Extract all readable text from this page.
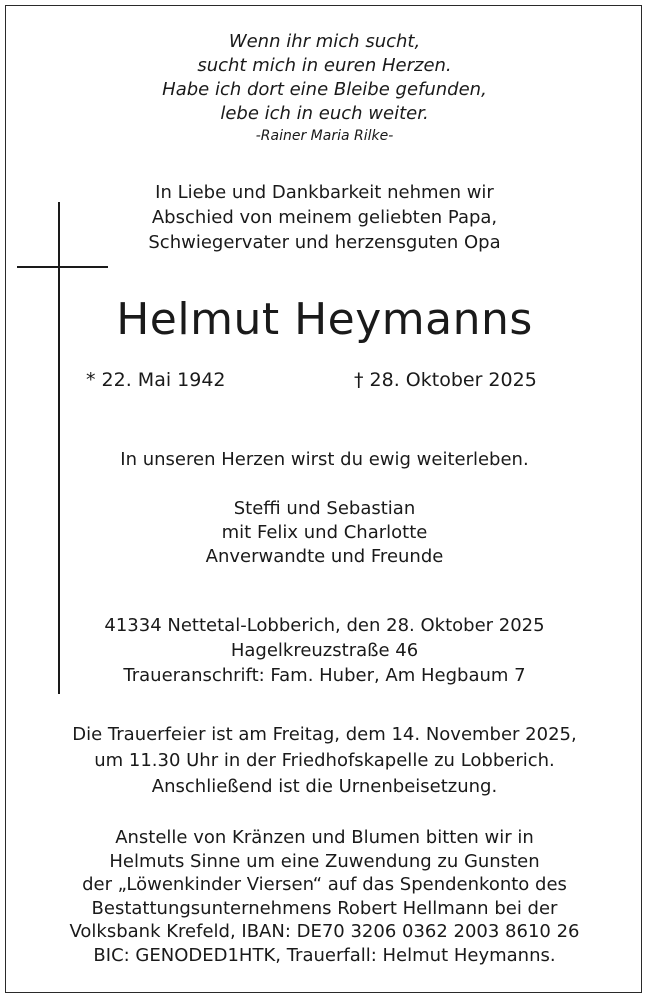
Wenn ihr mich sucht,
sucht mich in euren Herzen.
Habe ich dort eine Bleibe gefunden,
lebe ich in euch weiter.
-Rainer Maria Rilke-
In Liebe und Dankbarkeit nehmen wir
Abschied von meinem geliebten Papa,
Schwiegervater und herzensguten Opa
Helmut Heymanns
* 22. Mai 1942	† 28. Oktober 2025
In unseren Herzen wirst du ewig weiterleben.
Steffi und Sebastian
mit Felix und Charlotte
Anverwandte und Freunde
41334 Nettetal-Lobberich, den 28. Oktober 2025
Hagelkreuzstraße 46
Traueranschrift: Fam. Huber, Am Hegbaum 7
Die Trauerfeier ist am Freitag, dem 14. November 2025,
um 11.30 Uhr in der Friedhofskapelle zu Lobberich.
Anschließend ist die Urnenbeisetzung.
Anstelle von Kränzen und Blumen bitten wir in
Helmuts Sinne um eine Zuwendung zu Gunsten
der „Löwenkinder Viersen“ auf das Spendenkonto des
Bestattungsunternehmens Robert Hellmann bei der
Volksbank Krefeld, IBAN: DE70 3206 0362 2003 8610 26
BIC: GENODED1HTK, Trauerfall: Helmut Heymanns.
